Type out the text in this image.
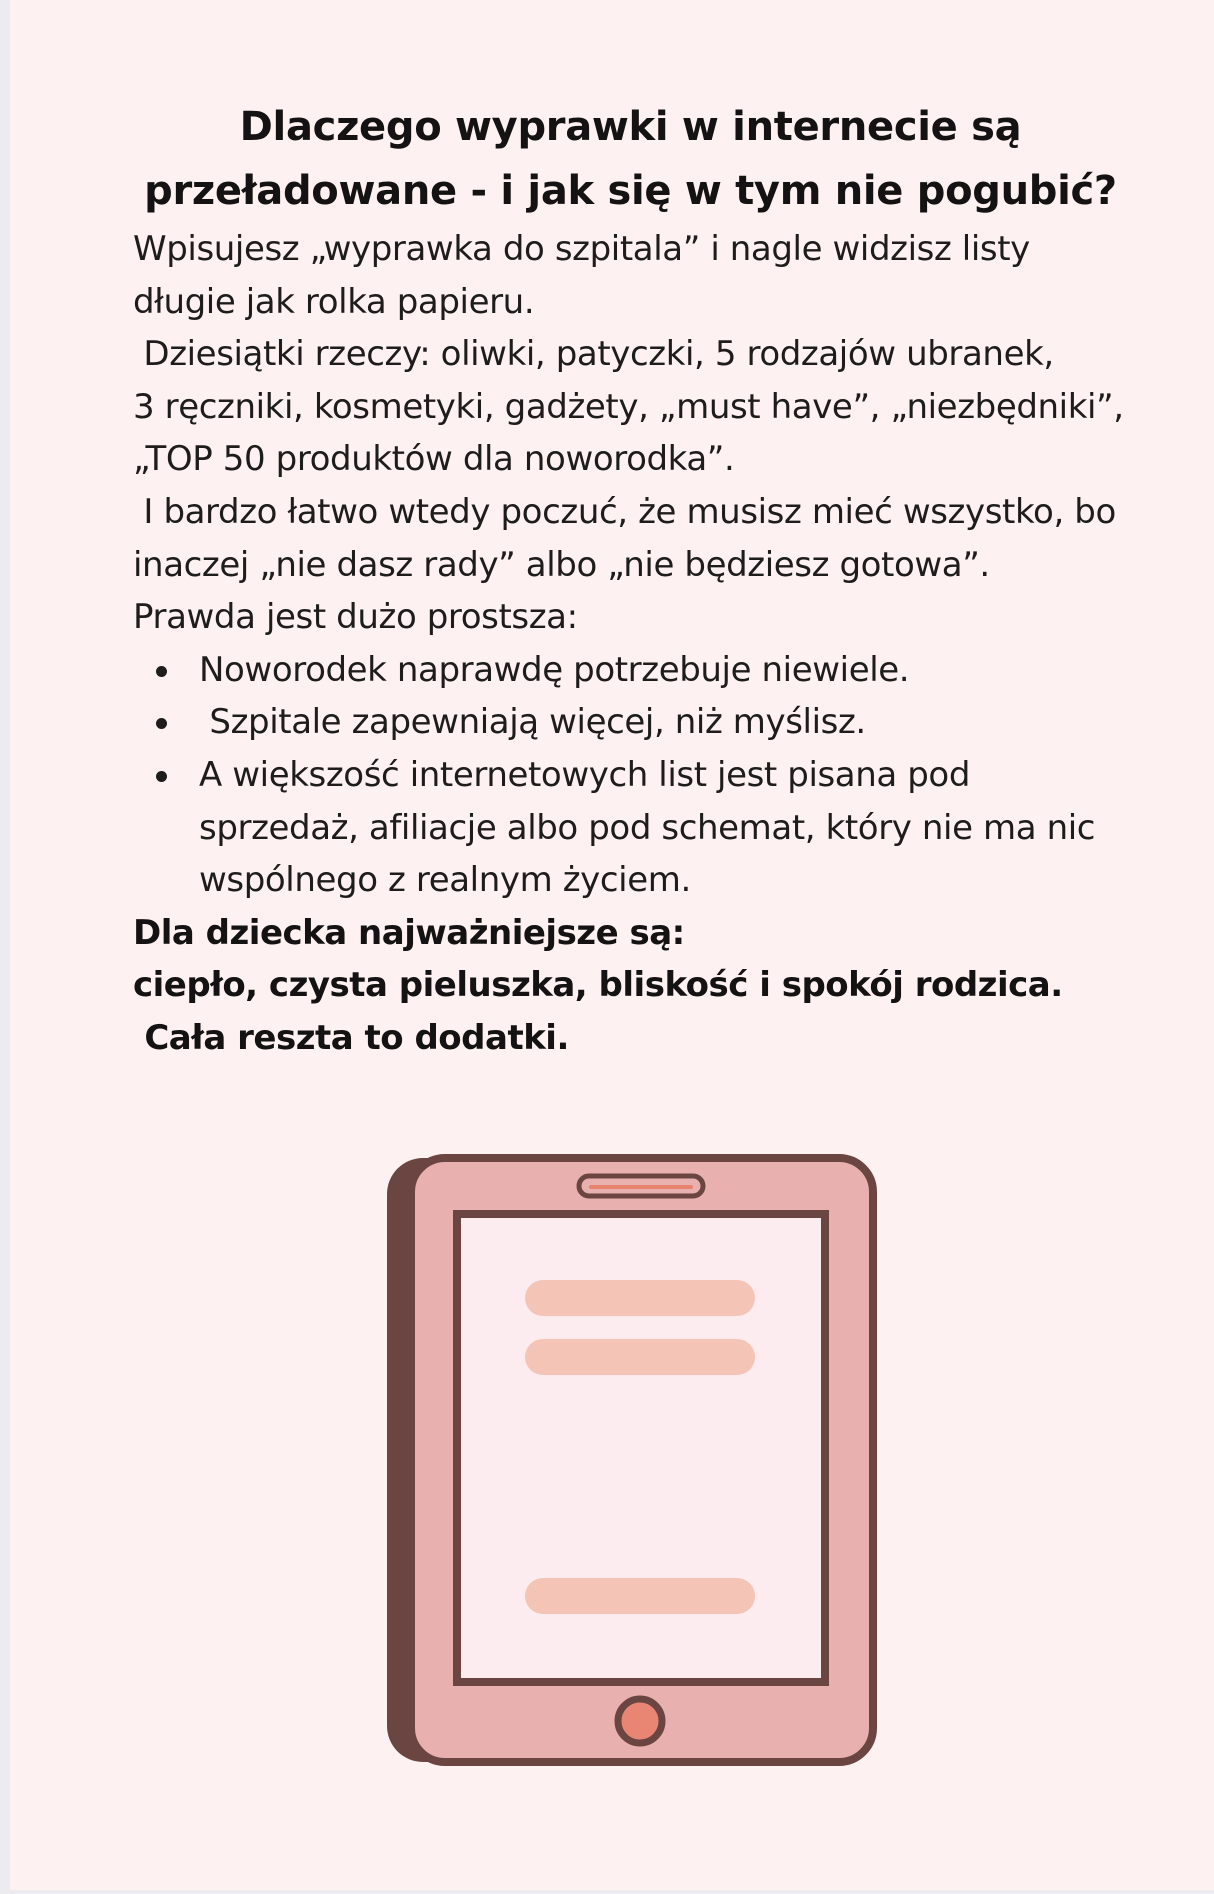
Dlaczego wyprawki w internecie są
przeładowane - i jak się w tym nie pogubić?
Wpisujesz „wyprawka do szpitala” i nagle widzisz listy
długie jak rolka papieru.
Dziesiątki rzeczy: oliwki, patyczki, 5 rodzajów ubranek,
3 ręczniki, kosmetyki, gadżety, „must have”, „niezbędniki”,
„TOP 50 produktów dla noworodka”.
I bardzo łatwo wtedy poczuć, że musisz mieć wszystko, bo
inaczej „nie dasz rady” albo „nie będziesz gotowa”.
Prawda jest dużo prostsza:
Noworodek naprawdę potrzebuje niewiele.
Szpitale zapewniają więcej, niż myślisz.
A większość internetowych list jest pisana pod
sprzedaż, afiliacje albo pod schemat, który nie ma nic
wspólnego z realnym życiem.
Dla dziecka najważniejsze są:
ciepło, czysta pieluszka, bliskość i spokój rodzica.
Cała reszta to dodatki.
